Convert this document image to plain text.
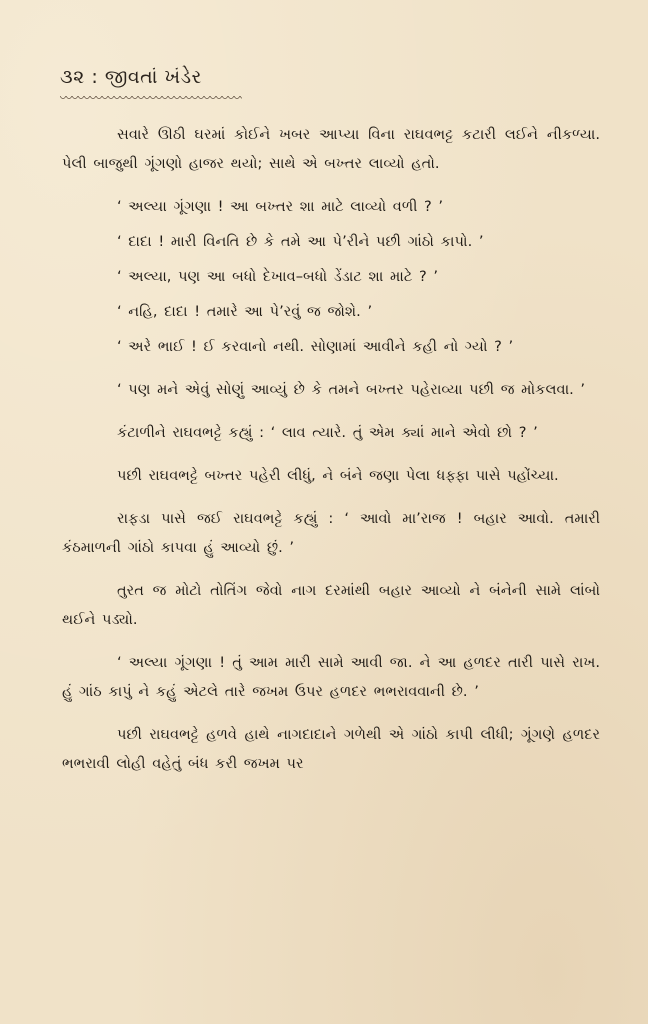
૩૨ : જીવતાં ખંડેર

સવારે ઊઠી ઘરમાં કોઈને ખબર આપ્યા વિના રાઘવભટ્ટ કટારી લઈને નીકળ્યા. પેલી બાજુથી ગૂંગણો હાજર થયો; સાથે એ બખ્તર લાવ્યો હતો.

‘ અલ્યા ગૂંગણા ! આ બખ્તર શા માટે લાવ્યો વળી ? ’

‘ દાદા ! મારી વિનતિ છે કે તમે આ પે’રીને પછી ગાંઠો કાપો. ’

‘ અલ્યા, પણ આ બધો દેખાવ–બધો ડેંડાટ શા માટે ? ’

‘ નહિ, દાદા ! તમારે આ પે’રવું જ જોશે. ’

‘ અરે ભાઈ ! ઈ કરવાનો નથી. સોણામાં આવીને કહી નો ગ્યો ? ’

‘ પણ મને એવું સોણું આવ્યું છે કે તમને બખ્તર પહેરાવ્યા પછી જ મોકલવા. ’

કંટાળીને રાઘવભટ્ટે કહ્યું : ‘ લાવ ત્યારે. તું એમ ક્યાં માને એવો છો ? ’

પછી રાઘવભટ્ટે બખ્તર પહેરી લીધું, ને બંને જણા પેલા ધફ્ફા પાસે પહોંચ્યા.

રાફડા પાસે જઈ રાઘવભટ્ટે કહ્યું : ‘ આવો મા’રાજ ! બહાર આવો. તમારી કંઠમાળની ગાંઠો કાપવા હું આવ્યો છું. ’

તુરત જ મોટો તોતિંગ જેવો નાગ દરમાંથી બહાર આવ્યો ને બંનેની સામે લાંબો થઈને પડ્યો.

‘ અલ્યા ગૂંગણા ! તું આમ મારી સામે આવી જા. ને આ હળદર તારી પાસે રાખ. હું ગાંઠ કાપું ને કહું એટલે તારે જખમ ઉપર હળદર ભભરાવવાની છે. ’

પછી રાઘવભટ્ટે હળવે હાથે નાગદાદાને ગળેથી એ ગાંઠો કાપી લીધી; ગૂંગણે હળદર ભભરાવી લોહી વહેતું બંધ કરી જખમ પર
